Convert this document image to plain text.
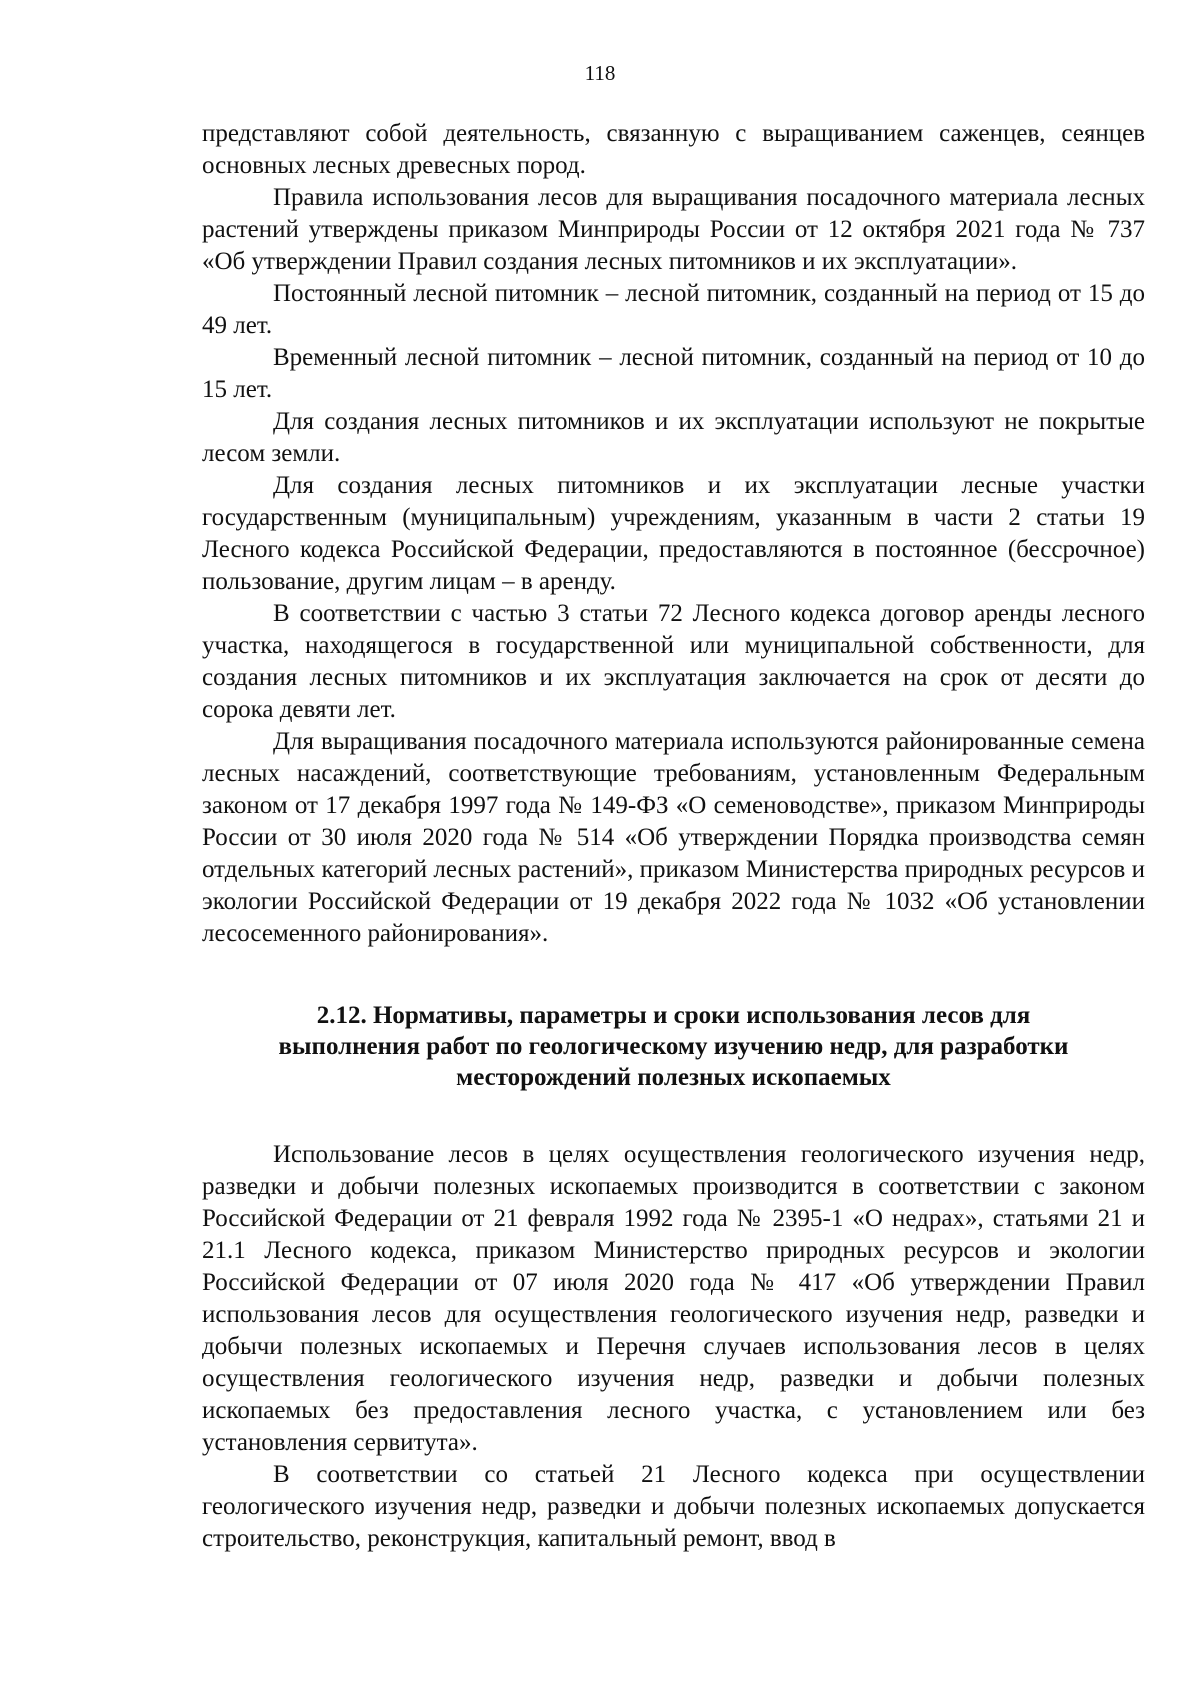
118

представляют собой деятельность, связанную с выращиванием саженцев, сеянцев основных лесных древесных пород.

Правила использования лесов для выращивания посадочного материала лесных растений утверждены приказом Минприроды России от 12 октября 2021 года № 737 «Об утверждении Правил создания лесных питомников и их эксплуатации».

Постоянный лесной питомник – лесной питомник, созданный на период от 15 до 49 лет.

Временный лесной питомник – лесной питомник, созданный на период от 10 до 15 лет.

Для создания лесных питомников и их эксплуатации используют не покрытые лесом земли.

Для создания лесных питомников и их эксплуатации лесные участки государственным (муниципальным) учреждениям, указанным в части 2 статьи 19 Лесного кодекса Российской Федерации, предоставляются в постоянное (бессрочное) пользование, другим лицам – в аренду.

В соответствии с частью 3 статьи 72 Лесного кодекса договор аренды лесного участка, находящегося в государственной или муниципальной собственности, для создания лесных питомников и их эксплуатация заключается на срок от десяти до сорока девяти лет.

Для выращивания посадочного материала используются районированные семена лесных насаждений, соответствующие требованиям, установленным Федеральным законом от 17 декабря 1997 года № 149-ФЗ «О семеноводстве», приказом Минприроды России от 30 июля 2020 года № 514 «Об утверждении Порядка производства семян отдельных категорий лесных растений», приказом Министерства природных ресурсов и экологии Российской Федерации от 19 декабря 2022 года № 1032 «Об установлении лесосеменного районирования».

2.12. Нормативы, параметры и сроки использования лесов для
выполнения работ по геологическому изучению недр, для разработки
месторождений полезных ископаемых

Использование лесов в целях осуществления геологического изучения недр, разведки и добычи полезных ископаемых производится в соответствии с законом Российской Федерации от 21 февраля 1992 года № 2395-1 «О недрах», статьями 21 и 21.1 Лесного кодекса, приказом Министерство природных ресурсов и экологии Российской Федерации от 07 июля 2020 года № 417 «Об утверждении Правил использования лесов для осуществления геологического изучения недр, разведки и добычи полезных ископаемых и Перечня случаев использования лесов в целях осуществления геологического изучения недр, разведки и добычи полезных ископаемых без предоставления лесного участка, с установлением или без установления сервитута».

В соответствии со статьей 21 Лесного кодекса при осуществлении геологического изучения недр, разведки и добычи полезных ископаемых допускается строительство, реконструкция, капитальный ремонт, ввод в
